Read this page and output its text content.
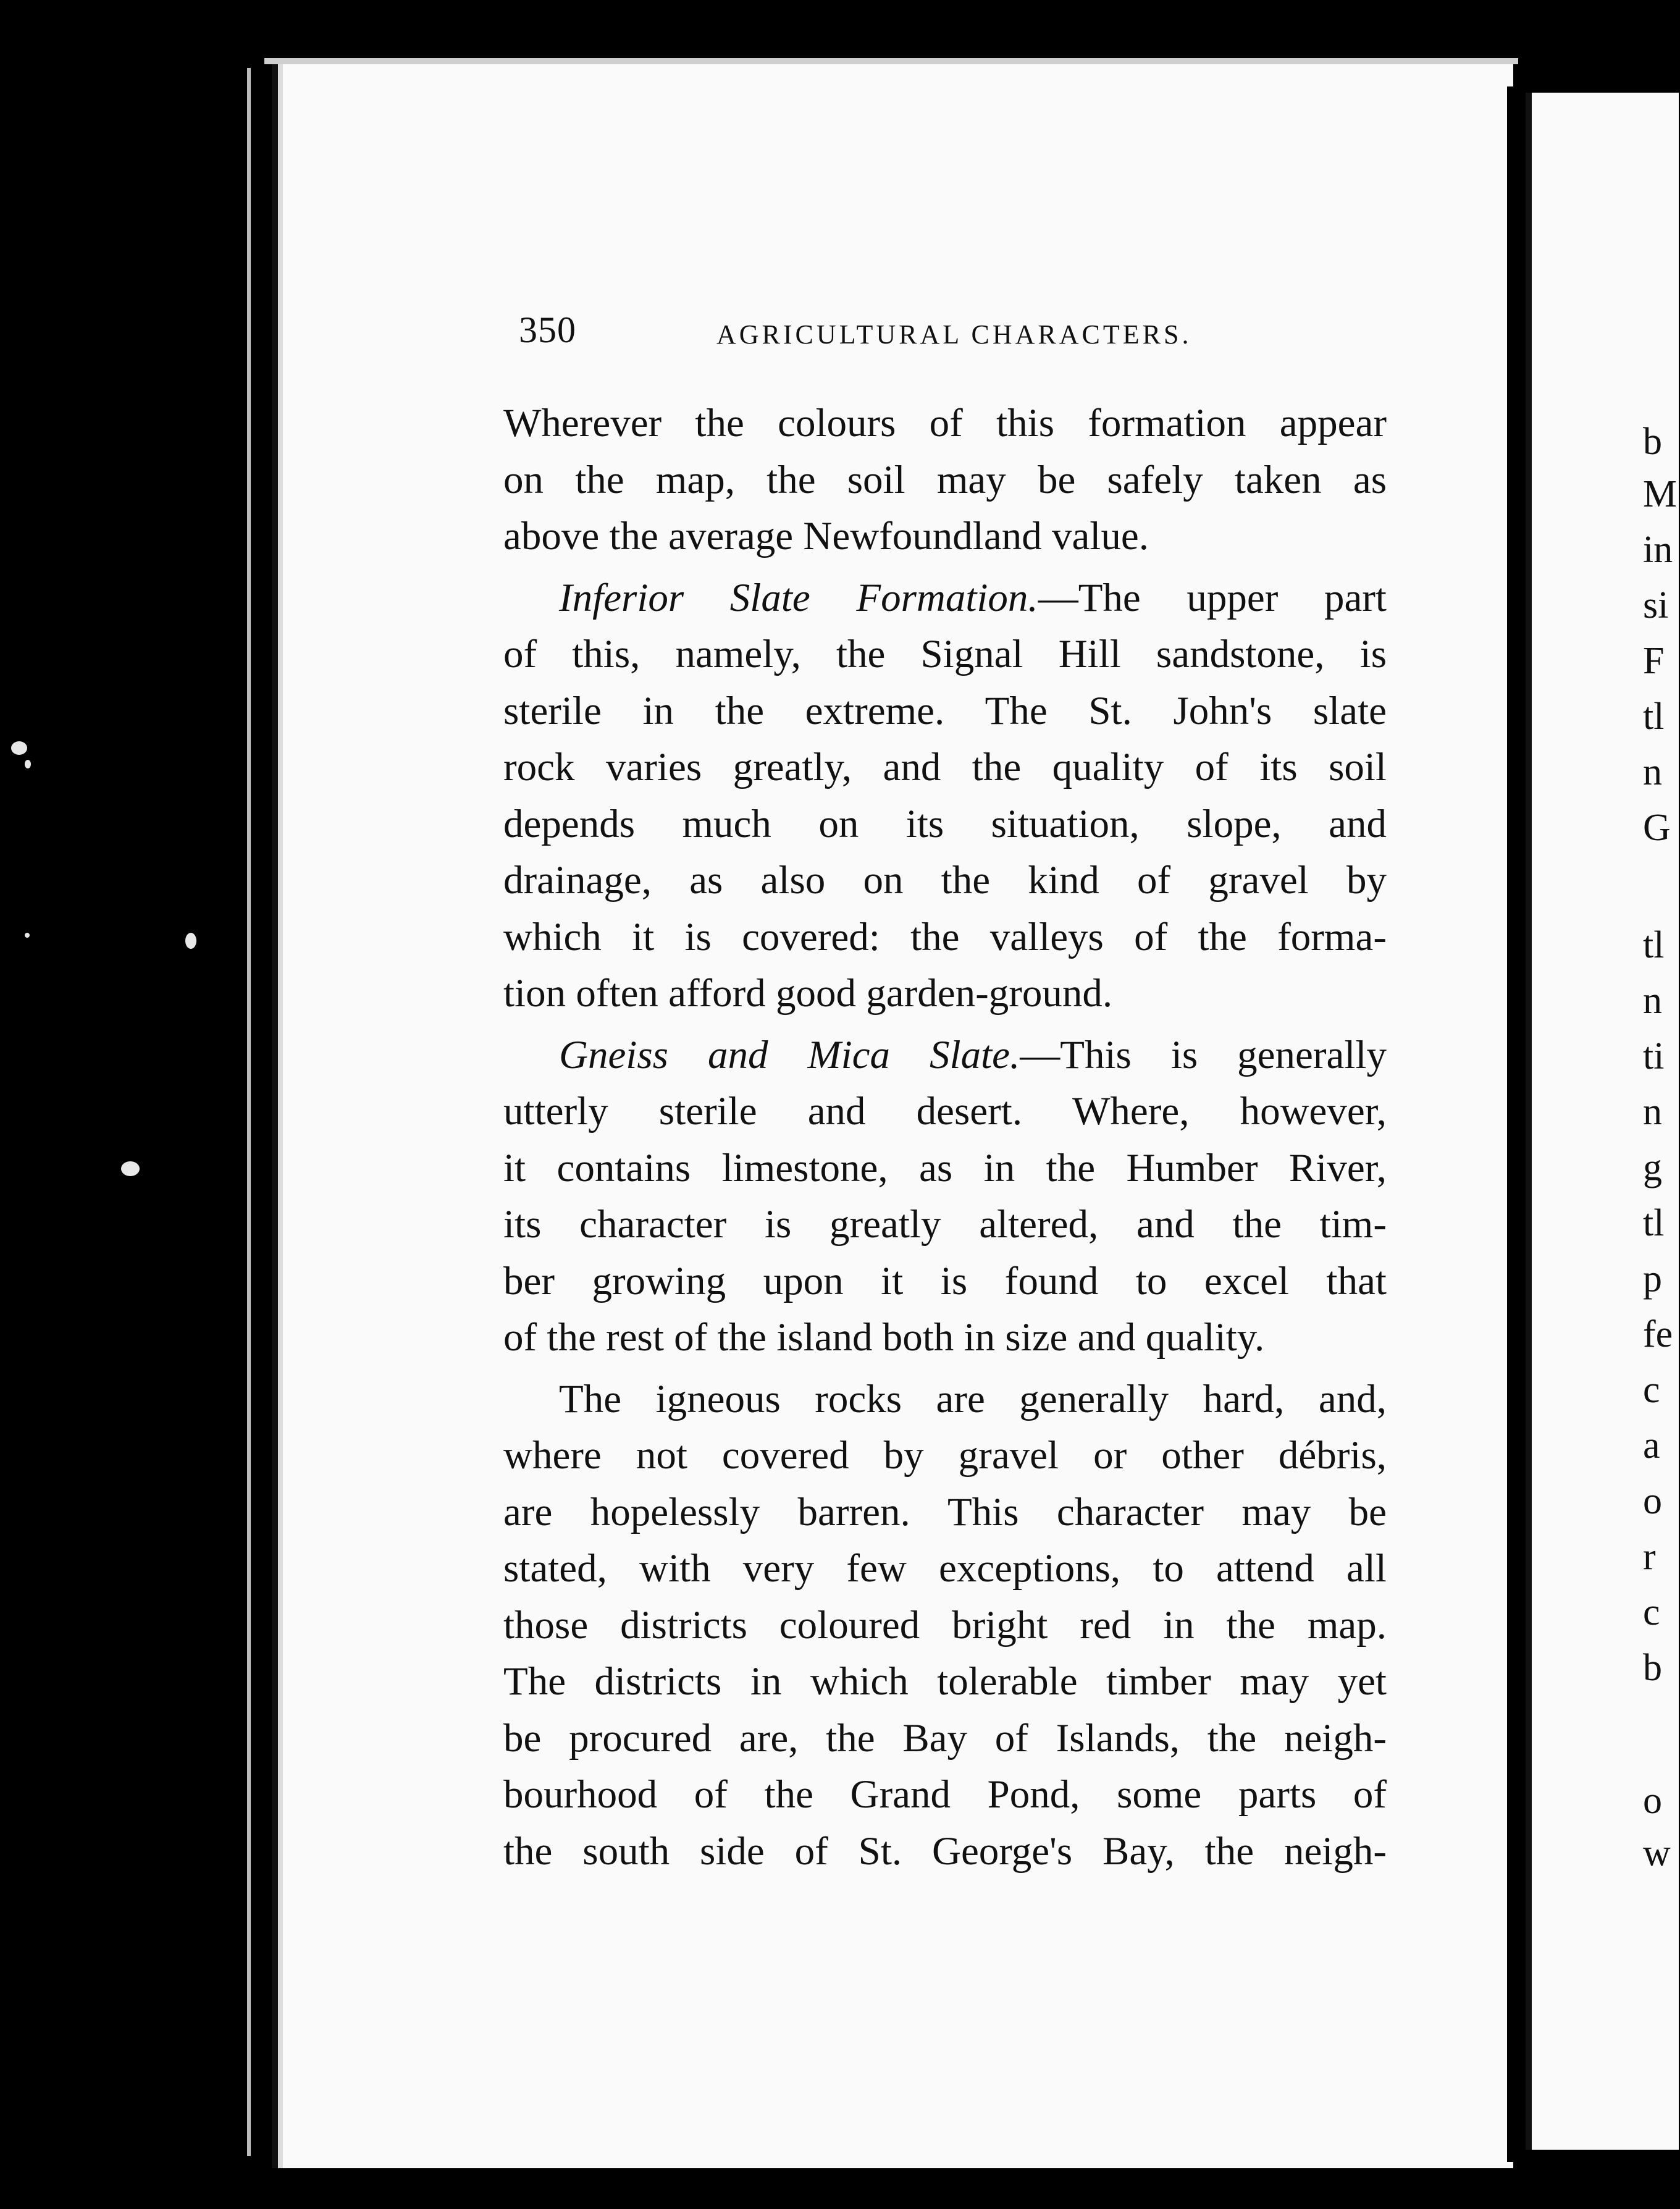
350	AGRICULTURAL CHARACTERS.
Wherever the colours of this formation appear
on the map, the soil may be safely taken as
above the average Newfoundland value.
Inferior Slate Formation.—The upper part
of this, namely, the Signal Hill sandstone, is
sterile in the extreme. The St. John's slate
rock varies greatly, and the quality of its soil
depends much on its situation, slope, and
drainage, as also on the kind of gravel by
which it is covered: the valleys of the forma-
tion often afford good garden-ground.
Gneiss and Mica Slate.—This is generally
utterly sterile and desert. Where, however,
it contains limestone, as in the Humber River,
its character is greatly altered, and the tim-
ber growing upon it is found to excel that
of the rest of the island both in size and quality.
The igneous rocks are generally hard, and,
where not covered by gravel or other débris,
are hopelessly barren. This character may be
stated, with very few exceptions, to attend all
those districts coloured bright red in the map.
The districts in which tolerable timber may yet
be procured are, the Bay of Islands, the neigh-
bourhood of the Grand Pond, some parts of
the south side of St. George's Bay, the neigh-
b
M
in
si
F
tl
n
G
tl
n
ti
n
g
tl
p
fe
c
a
o
r
c
b
o
w
